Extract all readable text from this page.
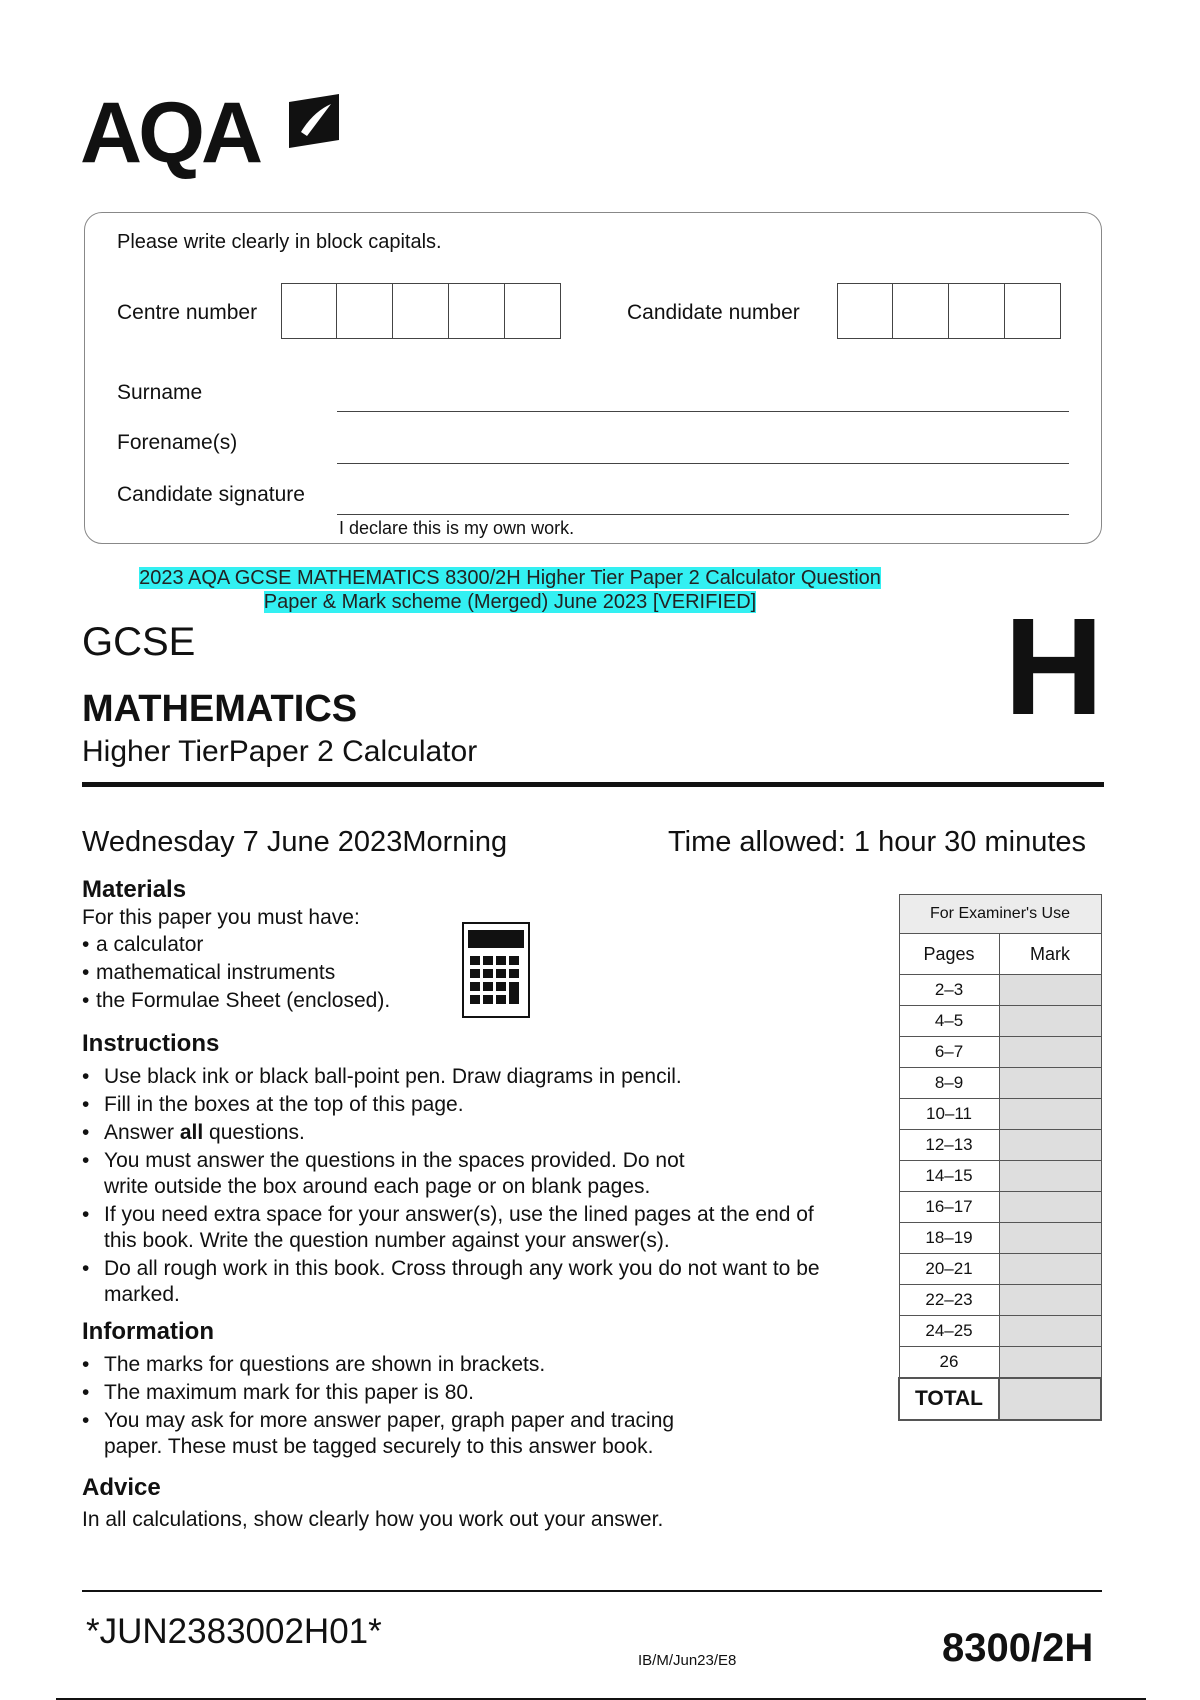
AQA
Please write clearly in block capitals.
Centre number	Candidate number
Surname
Forename(s)
Candidate signature
I declare this is my own work.
2023 AQA GCSE MATHEMATICS 8300/2H Higher Tier Paper 2 Calculator Question
Paper & Mark scheme (Merged) June 2023 [VERIFIED]
GCSE
MATHEMATICS
Higher TierPaper 2 Calculator
H
Wednesday 7 June 2023Morning	Time allowed: 1 hour 30 minutes
Materials
For this paper you must have:
• a calculator
• mathematical instruments
• the Formulae Sheet (enclosed).
Instructions
• Use black ink or black ball-point pen. Draw diagrams in pencil.
• Fill in the boxes at the top of this page.
• Answer all questions.
• You must answer the questions in the spaces provided. Do not write outside the box around each page or on blank pages.
• If you need extra space for your answer(s), use the lined pages at the end of this book. Write the question number against your answer(s).
• Do all rough work in this book. Cross through any work you do not want to be marked.
Information
• The marks for questions are shown in brackets.
• The maximum mark for this paper is 80.
• You may ask for more answer paper, graph paper and tracing paper. These must be tagged securely to this answer book.
Advice
In all calculations, show clearly how you work out your answer.
For Examiner's Use	
Pages	Mark
2–3	
4–5	
6–7	
8–9	
10–11	
12–13	
14–15	
16–17	
18–19	
20–21	
22–23	
24–25	
26	
TOTAL	
*JUN2383002H01*
IB/M/Jun23/E8	8300/2H
